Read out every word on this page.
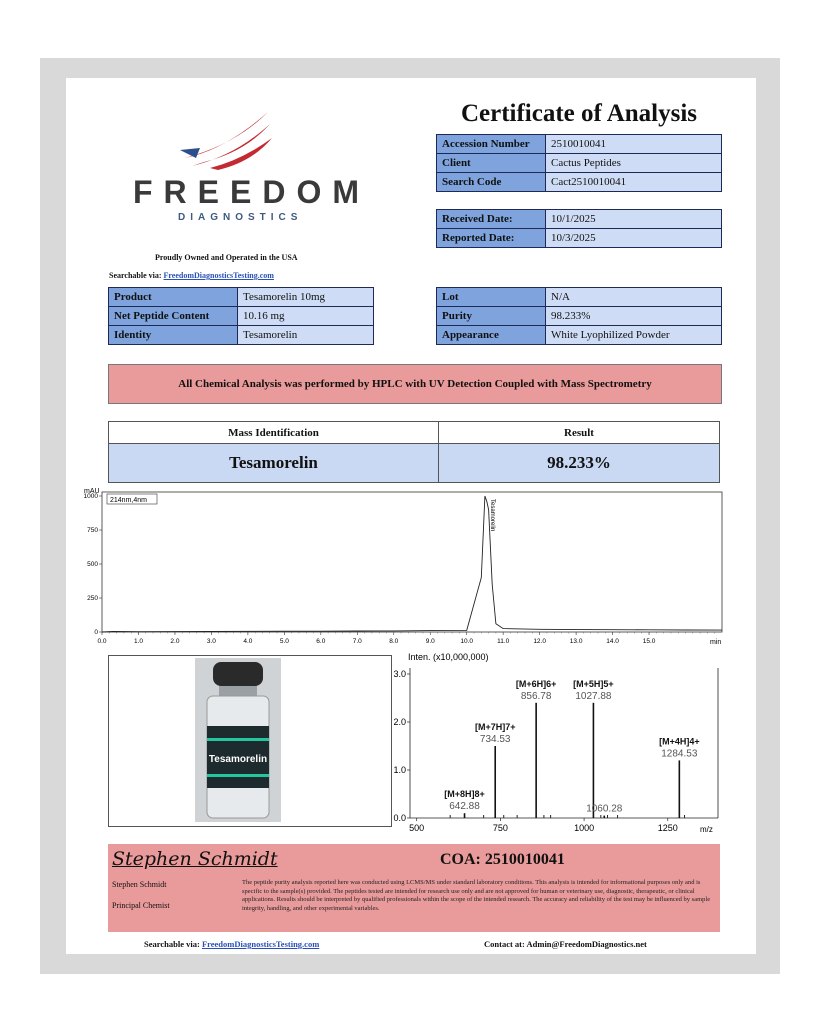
FREEDOM
DIAGNOSTICS
Proudly Owned and Operated in the USA
Searchable via: FreedomDiagnosticsTesting.com
Certificate of Analysis
Accession Number	2510010041
Client	Cactus Peptides
Search Code	Cact2510010041
Received Date:	10/1/2025
Reported Date:	10/3/2025
Product	Tesamorelin 10mg
Net Peptide Content	10.16 mg
Identity	Tesamorelin
Lot	N/A
Purity	98.233%
Appearance	White Lyophilized Powder
All Chemical Analysis was performed by HPLC with UV Detection Coupled with Mass Spectrometry
Mass Identification	Result
Tesamorelin	98.233%
mAU
min
214nm,4nm
0.0	1.0	2.0	3.0	4.0	5.0	6.0	7.0	8.0	9.0	10.0	11.0	12.0	13.0	14.0	15.0
0
250
500
750
1000
Tesamorelin
Tesamorelin
Inten. (x10,000,000)
m/z
500	750	1000	1250
0.0
1.0
2.0
3.0
642.88
[M+8H]8+
734.53
[M+7H]7+
856.78
[M+6H]6+
1027.88
[M+5H]5+
1060.28
1284.53
[M+4H]4+
Stephen Schmidt	COA: 2510010041
Stephen Schmidt
Principal Chemist
The peptide purity analysis reported here was conducted using LCMS/MS under standard laboratory conditions. This analysis is intended for informational purposes only and is specific to the sample(s) provided. The peptides tested are intended for research use only and are not approved for human or veterinary use, diagnostic, therapeutic, or clinical applications. Results should be interpreted by qualified professionals within the scope of the intended research. The accuracy and reliability of the test may be influenced by sample integrity, handling, and other experimental variables.
Searchable via: FreedomDiagnosticsTesting.com	Contact at: Admin@FreedomDiagnostics.net
